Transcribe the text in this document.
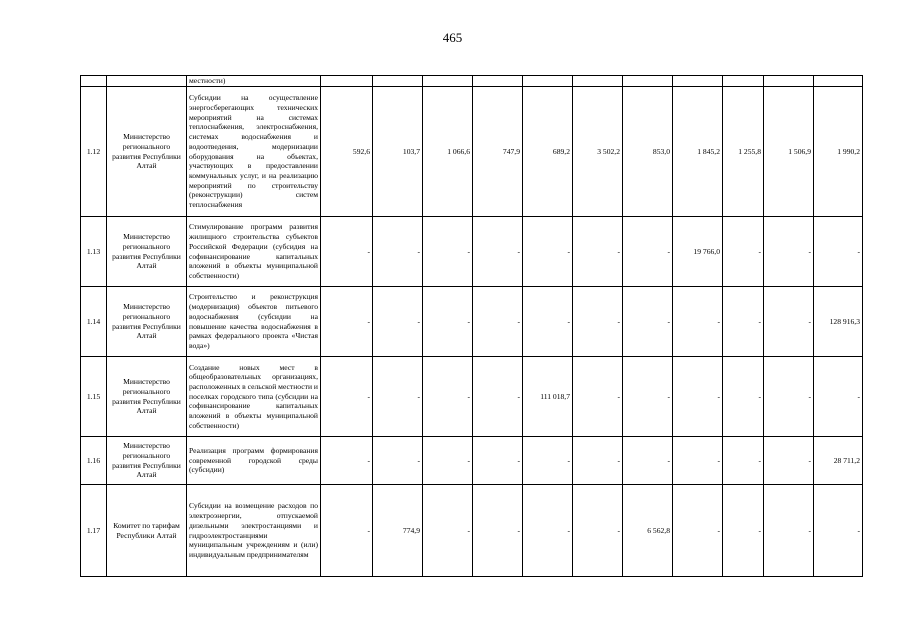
465

		местности)											

1.12	Министерство регионального развития Республики Алтай	Субсидии на осуществление энергосберегающих технических мероприятий на системах теплоснабжения, электроснабжения, системах водоснабжения и водоотведения, модернизации оборудования на объектах, участвующих в предоставлении коммунальных услуг, и на реализацию мероприятий по строительству (реконструкции) систем теплоснабжения	592,6	103,7	1 066,6	747,9	689,2	3 502,2	853,0	1 845,2	1 255,8	1 506,9	1 990,2
1.13	Министерство регионального развития Республики Алтай	Стимулирование программ развития жилищного строительства субъектов Российской Федерации (субсидия на софинансирование капитальных вложений в объекты муниципальной собственности)	-	-	-	-	-	-	-	19 766,0	-	-	-
1.14	Министерство регионального развития Республики Алтай	Строительство и реконструкция (модернизация) объектов питьевого водоснабжения (субсидии на повышение качества водоснабжения в рамках федерального проекта «Чистая вода»)	-	-	-	-	-	-	-	-	-	-	128 916,3
1.15	Министерство регионального развития Республики Алтай	Создание новых мест в общеобразовательных организациях, расположенных в сельской местности и поселках городского типа (субсидии на софинансирование капитальных вложений в объекты муниципальной собственности)	-	-	-	-	111 018,7	-	-	-	-	-	-
1.16	Министерство регионального развития Республики Алтай	Реализация программ формирования современной городской среды (субсидии)	-	-	-	-	-	-	-	-	-	-	28 711,2
1.17	Комитет по тарифам Республики Алтай	Субсидии на возмещение расходов по электроэнергии, отпускаемой дизельными электростанциями и гидроэлектростанциями муниципальным учреждениям и (или) индивидуальным предпринимателям	-	774,9	-	-	-	-	6 562,8	-	-	-	-
